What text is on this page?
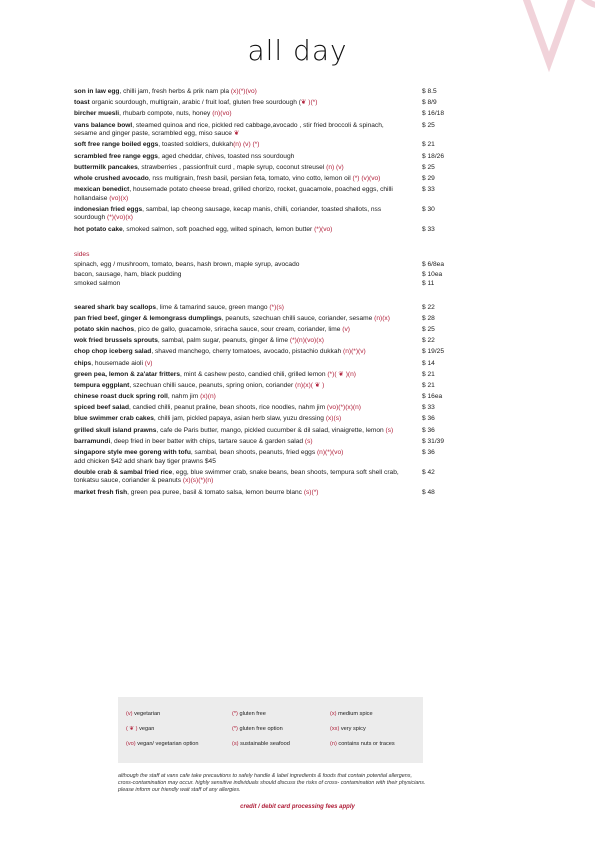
all day
son in law egg, chilli jam, fresh herbs & prik nam pla (x)(*)(vo)	$ 8.5
toast organic sourdough, multigrain, arabic / fruit loaf, gluten free sourdough (❦ )(*)	$ 8/9
bircher muesli, rhubarb compote, nuts, honey (n)(vo)	$ 16/18
vans balance bowl, steamed quinoa and rice, pickled red cabbage,avocado , stir fried broccoli & spinach, sesame and ginger paste, scrambled egg, miso sauce ❦
$ 25
soft free range boiled eggs, toasted soldiers, dukkah(n) (v) (*)	$ 21
scrambled free range eggs, aged cheddar, chives, toasted nss sourdough	$ 18/26
buttermilk pancakes, strawberries , passionfruit curd , maple syrup, coconut streusel (n) (v)	$ 25
whole crushed avocado, nss multigrain, fresh basil, persian feta, tomato, vino cotto, lemon oil (*) (v)(vo)	$ 29
mexican benedict, housemade potato cheese bread, grilled chorizo, rocket, guacamole, poached eggs, chilli hollandaise (vo)(x)
$ 33
indonesian fried eggs, sambal, lap cheong sausage, kecap manis, chilli, coriander, toasted shallots, nss sourdough (*)(vo)(x)
$ 30
hot potato cake, smoked salmon, soft poached egg, wilted spinach, lemon butter (*)(vo)	$ 33
sides
spinach, egg / mushroom, tomato, beans, hash brown, maple syrup, avocado	$ 6/8ea
bacon, sausage, ham, black pudding	$ 10ea
smoked salmon	$ 11
seared shark bay scallops, lime & tamarind sauce, green mango (*)(s)	$ 22
pan fried beef, ginger & lemongrass dumplings, peanuts, szechuan chilli sauce, coriander, sesame (n)(x)	$ 28
potato skin nachos, pico de gallo, guacamole, sriracha sauce, sour cream, coriander, lime (v)	$ 25
wok fried brussels sprouts, sambal, palm sugar, peanuts, ginger & lime (*)(n)(vo)(x)	$ 22
chop chop iceberg salad, shaved manchego, cherry tomatoes, avocado, pistachio dukkah (n)(*)(v)	$ 19/25
chips, housemade aioli (v)	$ 14
green pea, lemon & za'atar fritters, mint & cashew pesto, candied chili, grilled lemon (*)( ❦ )(n)	$ 21
tempura eggplant, szechuan chilli sauce, peanuts, spring onion, coriander (n)(x)( ❦ )	$ 21
chinese roast duck spring roll, nahm jim (x)(n)	$ 16ea
spiced beef salad, candied chilli, peanut praline, bean shoots, rice noodles, nahm jim (vo)(*)(x)(n)	$ 33
blue swimmer crab cakes, chilli jam, pickled papaya, asian herb slaw, yuzu dressing (x)(s)	$ 36
grilled skull island prawns, cafe de Paris butter, mango, pickled cucumber & dil salad, vinaigrette, lemon (s)	$ 36
barramundi, deep fried in beer batter with chips, tartare sauce & garden salad (s)	$ 31/39
singapore style mee goreng with tofu, sambal, bean shoots, peanuts, fried eggs (n)(*)(vo)
add chicken $42 add shark bay tiger prawns $45
$ 36
double crab & sambal fried rice, egg, blue swimmer crab, snake beans, bean shoots, tempura soft shell crab, tonkatsu sauce, coriander & peanuts (x)(s)(*)(n)
$ 42
market fresh fish, green pea puree, basil & tomato salsa, lemon beurre blanc (s)(*)	$ 48
(v) vegetarian
( ❦ ) vegan
(vo) vegan/ vegetarian option
(*) gluten free
(*) gluten free option
(s) sustainable seafood
(x) medium spice
(xx) very spicy
(n) contains nuts or traces
although the staff at vans cafe take precautions to safely handle & label ingredients & foods that contain potential allergens, cross-contamination may occur. highly sensitive individuals should discuss the risks of cross- contamination with their physicians. please inform our friendly wait staff of any allergies.
credit / debit card processing fees apply
